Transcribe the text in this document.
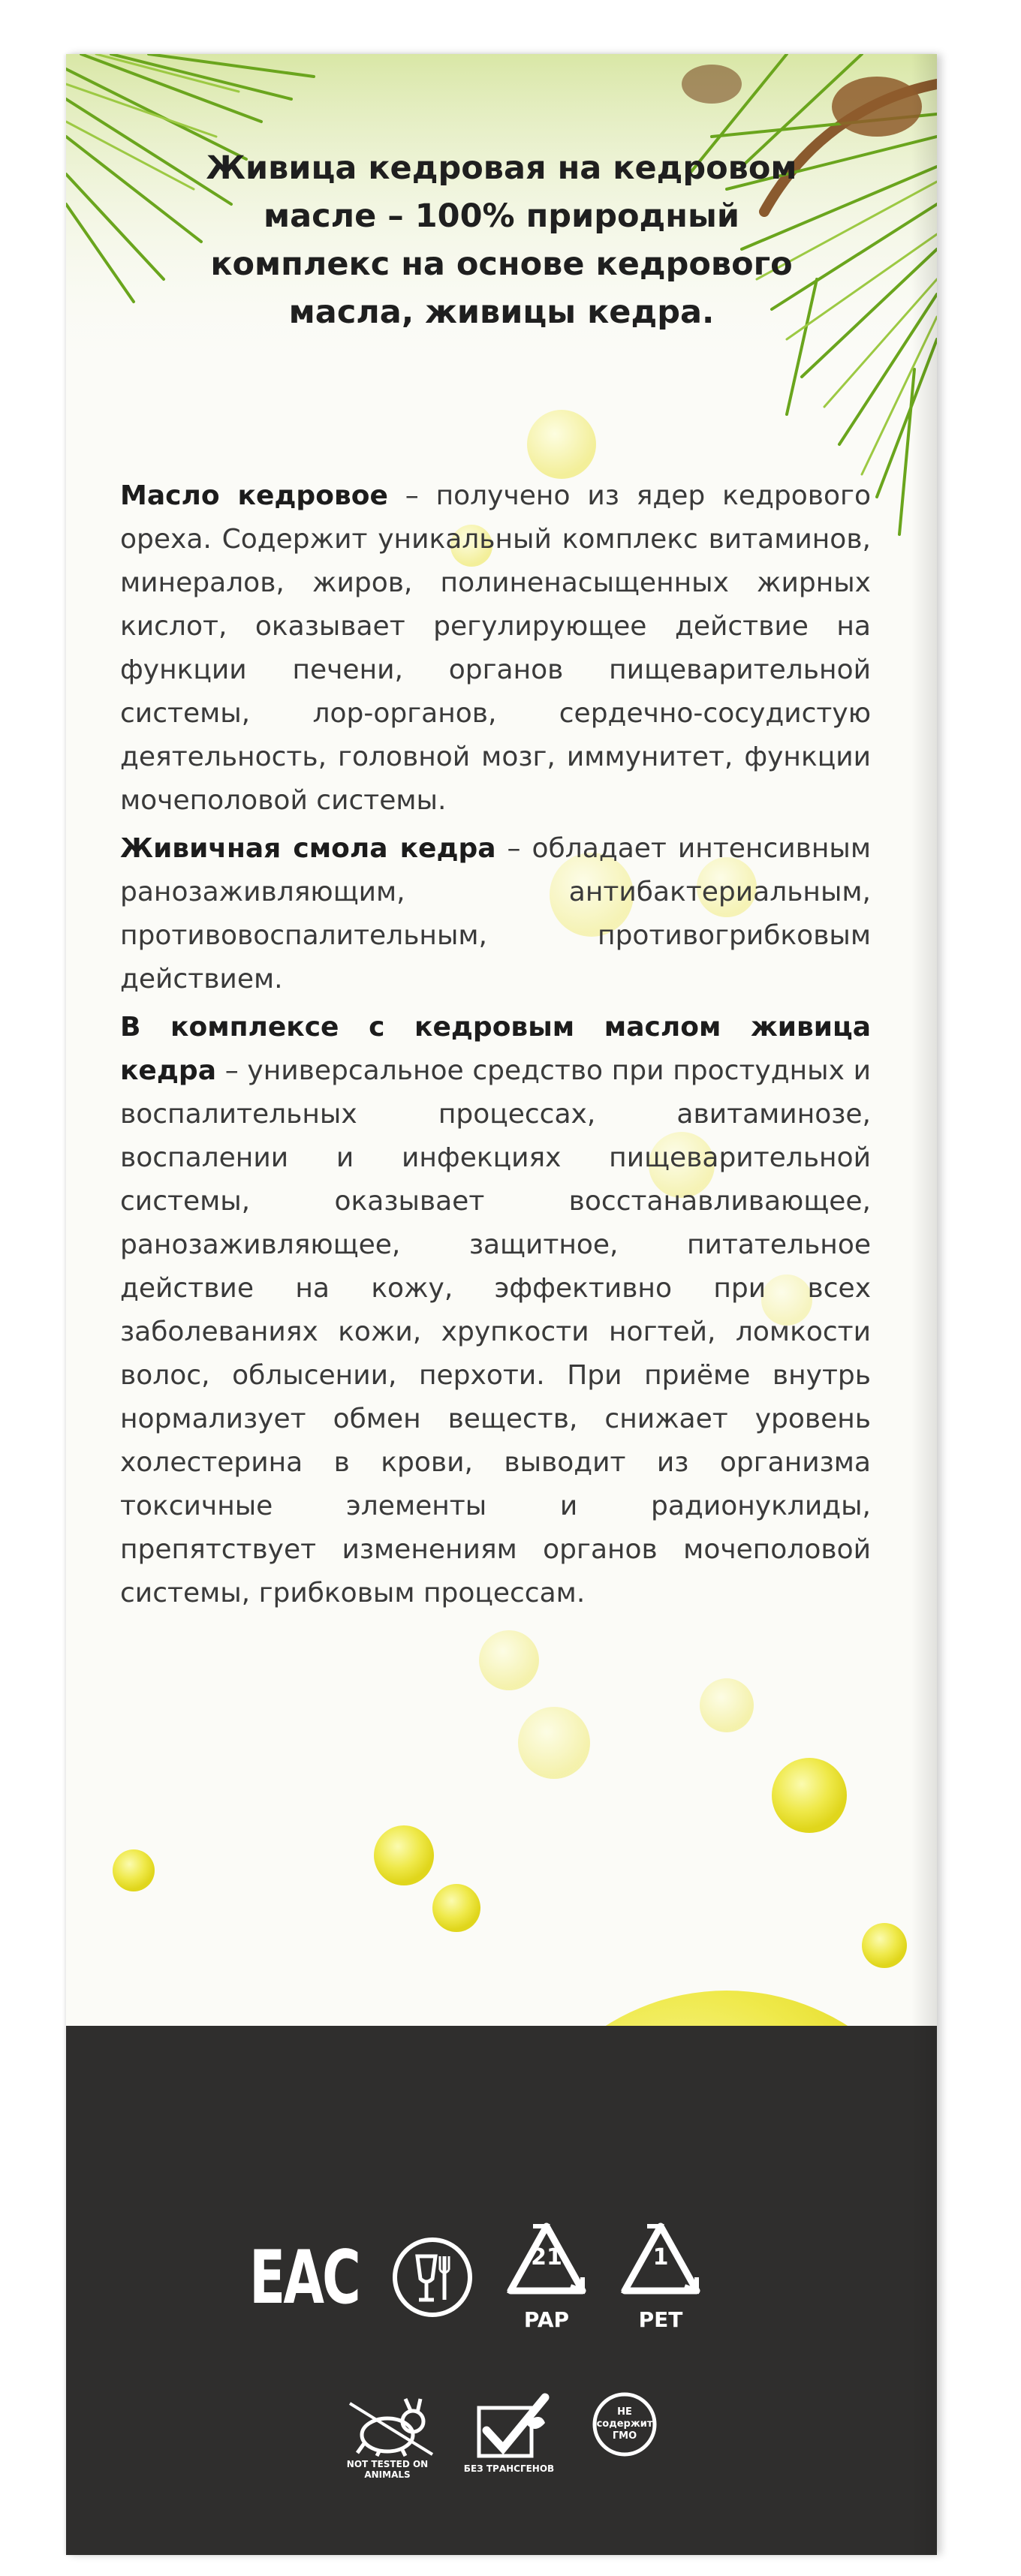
Живица кедровая на кедровом
масле – 100% природный
комплекс на основе кедрового
масла, живицы кедра.

Масло кедровое – получено из ядер кедрового ореха. Содержит уникальный комплекс витаминов, минералов, жиров, полиненасыщенных жирных кислот, оказывает регулирующее действие на функции печени, органов пищеварительной системы, лор-органов, сердечно-сосудистую деятельность, головной мозг, иммунитет, функции мочеполовой системы.

Живичная смола кедра – обладает интенсивным ранозаживляющим, антибактериальным, противовоспалительным, противогрибковым действием.

В комплексе с кедровым маслом живица кедра – универсальное средство при простудных и воспалительных процессах, авитаминозе, воспалении и инфекциях пищеварительной системы, оказывает восстанавливающее, ранозаживляющее, защитное, питательное действие на кожу, эффективно при всех заболеваниях кожи, хрупкости ногтей, ломкости волос, облысении, перхоти. При приёме внутрь нормализует обмен веществ, снижает уровень холестерина в крови, выводит из организма токсичные элементы и радионуклиды, препятствует изменениям органов мочеполовой системы, грибковым процессам.

EAC	21
PAP
1
PET
NOT TESTED ON ANIMALS
БЕЗ ТРАНСГЕНОВ
НЕ содержит ГМО
